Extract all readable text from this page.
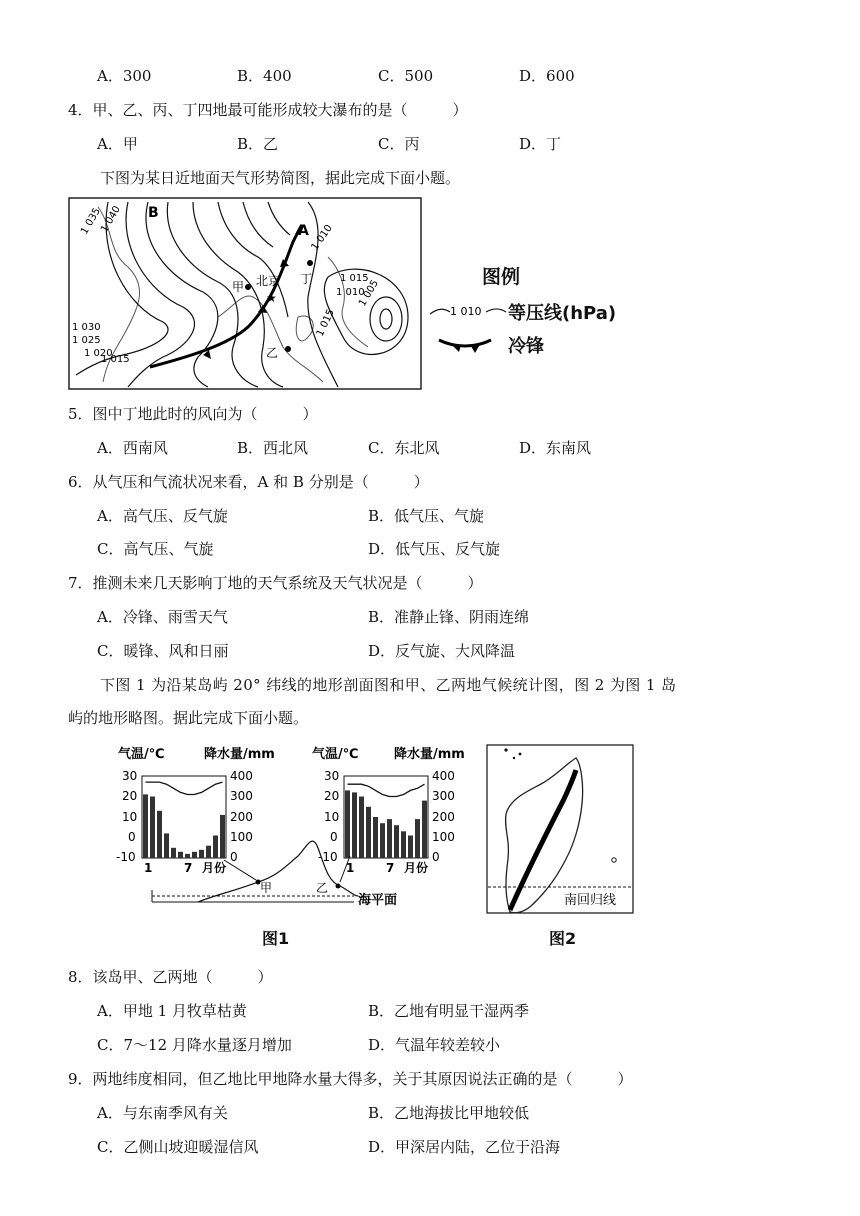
A．300	B．400	C．500	D．600
4．甲、乙、丙、丁四地最可能形成较大瀑布的是（　　　）
A．甲	B．乙	C．丙	D．丁
下图为某日近地面天气形势简图，据此完成下面小题。
1 035
1 040
1 030
1 025
1 020
1 015
1 010
1 015
1 010
1 005
1 015
A
B
甲 北京
★
丁
乙
图例
1 010 等压线(hPa)
冷锋
5．图中丁地此时的风向为（　　　）
A．西南风	B．西北风	C．东北风	D．东南风
6．从气压和气流状况来看，A 和 B 分别是（　　　）
A．高气压、反气旋	B．低气压、气旋
C．高气压、气旋	D．低气压、反气旋
7．推测未来几天影响丁地的天气系统及天气状况是（　　　）
A．冷锋、雨雪天气	B．准静止锋、阴雨连绵
C．暖锋、风和日丽	D．反气旋、大风降温
下图 1 为沿某岛屿 20° 纬线的地形剖面图和甲、乙两地气候统计图，图 2 为图 1 岛
屿的地形略图。据此完成下面小题。
气温/℃	降水量/mm	气温/℃	降水量/mm
30
20
10
0
-10
400
300
200
100
0
1	7 月份
30
20
10
0
-10
400
300
200
100
0
1	7 月份
甲	乙
海平面
图1
南回归线
图2
8．该岛甲、乙两地（　　　）
A．甲地 1 月牧草枯黄	B．乙地有明显干湿两季
C．7～12 月降水量逐月增加	D．气温年较差较小
9．两地纬度相同，但乙地比甲地降水量大得多，关于其原因说法正确的是（　　　）
A．与东南季风有关	B．乙地海拔比甲地较低
C．乙侧山坡迎暖湿信风	D．甲深居内陆，乙位于沿海
